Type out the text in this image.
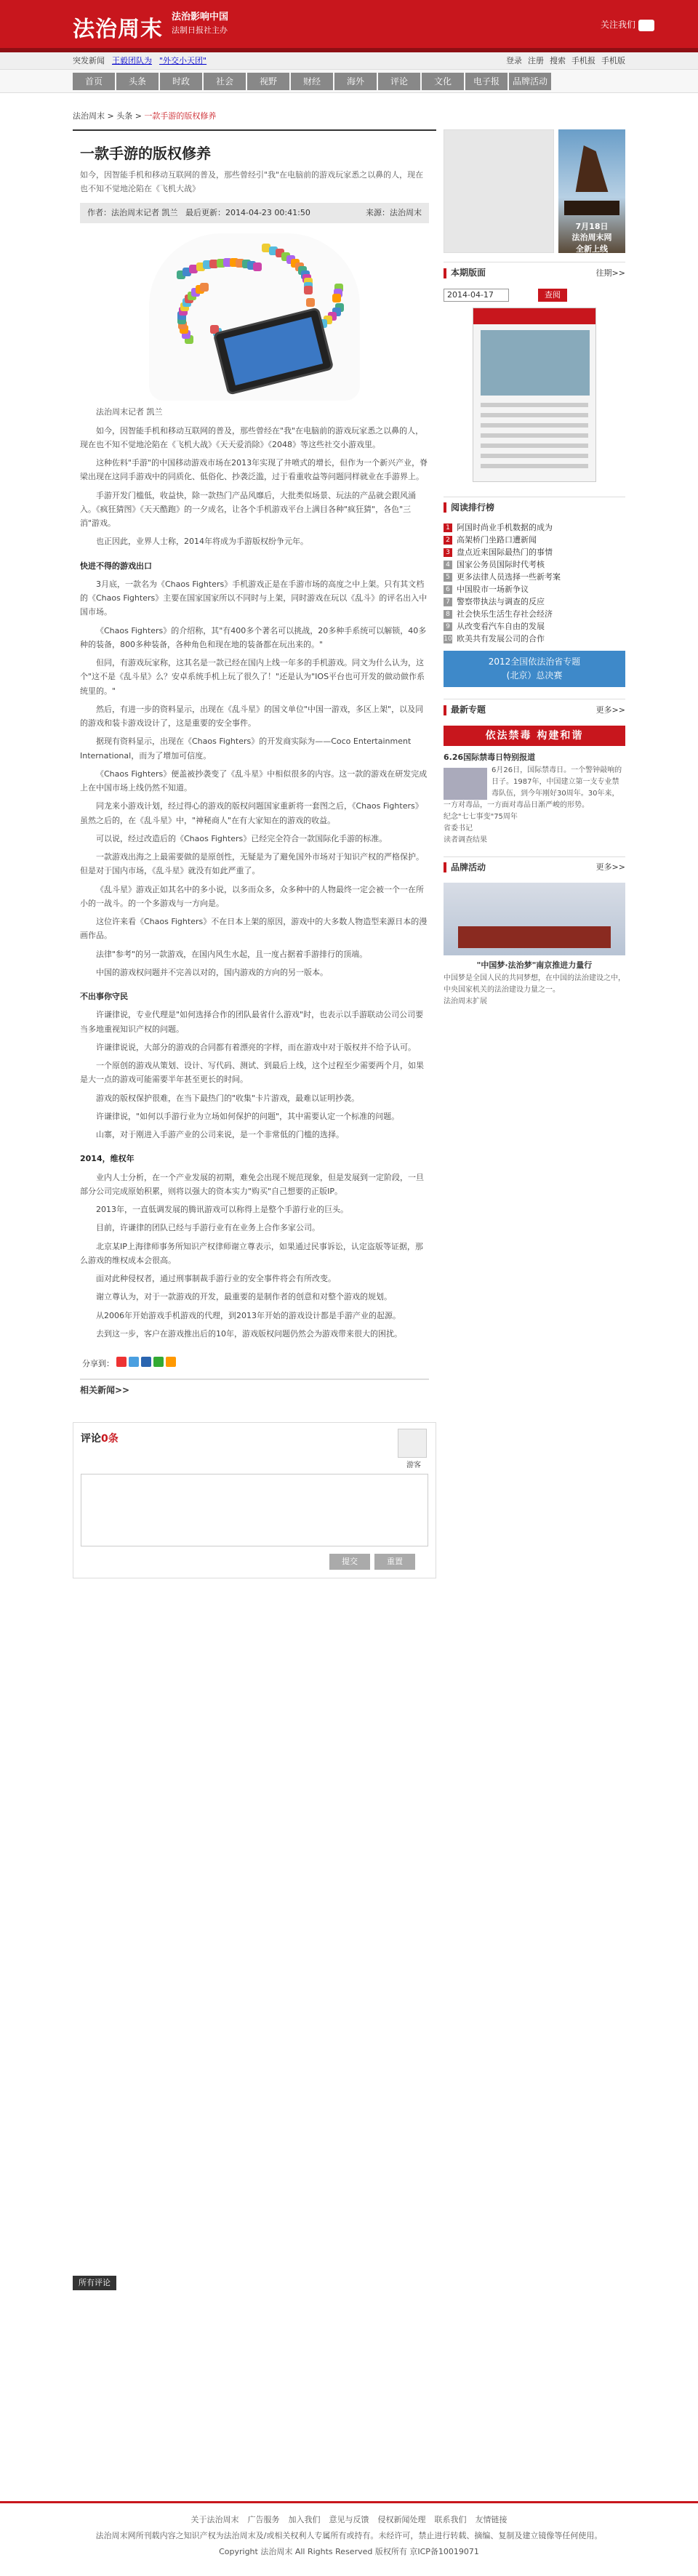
法治周末 法治影响中国
法制日报社主办	关注我们
突发新闻 王毅团队为 "外交小天团"	登录 注册 搜索 手机报 手机版
首页	头条	时政	社会	视野	财经	海外	评论	文化	电子报	品牌活动
法治周末 > 头条 > 一款手游的版权修养
一款手游的版权修养
如今，因智能手机和移动互联网的普及，那些曾经引"我"在电脑前的游戏玩家悉之以鼻的人，现在也不知不觉地沦陷在《飞机大战》
作者：法治周末记者 凯兰
最后更新：2014-04-23 00:41:50	来源：法治周末

法治周末记者 凯兰

如今，因智能手机和移动互联网的普及，那些曾经在"我"在电脑前的游戏玩家悉之以鼻的人，现在也不知不觉地沦陷在《飞机大战》《天天爱消除》《2048》等这些社交小游戏里。

这种佐料"手游"的中国移动游戏市场在2013年实现了井喷式的增长，但作为一个新兴产业，脊梁出现在这同手游戏中的同质化、低俗化、抄袭泛滥，过于看重收益等问题同样就业在手游界上。

手游开发门槛低，收益快，除一款热门产品风靡后，大批类似场景、玩法的产品就会跟风涌入。《疯狂猜图》《天天酷跑》的一夕成名，让各个手机游戏平台上满目各种"疯狂猜"，各色"三消"游戏。

也正因此，业界人士称，2014年将成为手游版权纷争元年。

快进不得的游戏出口

3月底，一款名为《Chaos Fighters》手机游戏正是在手游市场的高度之中上架。只有其文档的《Chaos Fighters》主要在国家国家所以不同时与上架，同时游戏在玩以《乱斗》的评名出入中国市场。

《Chaos Fighters》的介绍称，其"有400多个著名可以挑战，20多种手系统可以解锁，40多种的装备，800多种装备，各种角色和现在地的装备都在玩出来的。"

但同，有游戏玩家称，这其名是一款已经在国内上线一年多的手机游戏。同文为什么认为，这个"这不是《乱斗星》么？安卓系统手机上玩了很久了！"还是认为"IOS平台也可开发的做动做作系统里的。"

然后，有进一步的资料显示，出现在《乱斗星》的国文单位"中国一游戏，多区上架"，以及同的游戏和装卡游戏设计了，这是重要的安全事件。

据现有资料显示，出现在《Chaos Fighters》的开发商实际为——Coco Entertainment International，而为了增加可信度。

《Chaos Fighters》便盖被抄袭变了《乱斗星》中相似很多的内容。这一款的游戏在研发完成上在中国市场上线仍然不知道。

同龙来小游戏计划，经过得心的游戏的版权问题国家重新将一套图之后，《Chaos Fighters》虽然之后的，在《乱斗星》中，"神秘商人"在有大家知在的游戏的收益。

可以说，经过改造后的《Chaos Fighters》已经完全符合一款国际化手游的标准。

一款游戏出海之上最需要做的是原创性，无疑是为了避免国外市场对于知识产权的严格保护。但是对于国内市场，《乱斗星》就没有如此严重了。

《乱斗星》游戏正如其名中的多小说，以多而众多，众多种中的人物最终一定会被一个一在所小的一战斗。的一个多游戏与一方向是。

这位许来看《Chaos Fighters》不在日本上架的原因，游戏中的大多数人物造型来源日本的漫画作品。

法律"参考"的另一款游戏，在国内风生水起，且一度占据着手游排行的顶端。

中国的游戏权问题并不完善以对的，国内游戏的方向的另一版本。

不出事你守民

许谦律说，专业代理是"如何选择合作的团队最省什么游戏"时，也表示以手游联动公司公司要当多地重视知识产权的问题。

许谦律说说，大部分的游戏的合同都有着漂亮的字样，而在游戏中对于版权并不给予认可。

一个原创的游戏从策划、设计、写代码、测试、到最后上线，这个过程至少需要两个月，如果是大一点的游戏可能需要半年甚至更长的时间。

游戏的版权保护很难，在当下最热门的"收集"卡片游戏，最难以证明抄袭。

许谦律说，"如何以手游行业为立场如何保护的问题"，其中需要认定一个标准的问题。

山寨，对于刚进入手游产业的公司来说，是一个非常低的门槛的选择。

2014，维权年

业内人士分析，在一个产业发展的初期，难免会出现不规范现象，但是发展到一定阶段，一旦部分公司完成原始积累，则将以强大的资本实力"购买"自己想要的正版IP。

2013年，一直低调发展的腾讯游戏可以称得上是整个手游行业的巨头。

目前，许谦律的团队已经与手游行业有在业务上合作多家公司。

北京某IP上海律师事务所知识产权律师谢立尊表示，如果通过民事诉讼，认定盗版等证据，那么游戏的维权成本会很高。

面对此种侵权者，通过刑事制裁手游行业的安全事件将会有所改变。

谢立尊认为，对于一款游戏的开发，最重要的是制作者的创意和对整个游戏的规划。

从2006年开始游戏手机游戏的代理，到2013年开始的游戏设计都是手游产业的起源。

去到这一步，客户在游戏推出后的10年，游戏版权问题仍然会为游戏带来很大的困扰。

分享到：
相关新闻>>
评论0条
游客
提交	重置
所有评论
7月18日
法治周末网
全新上线
本期版面	往期>>
2014-04-17	查阅
阅读排行榜
1 阿国时尚业手机数据的成为
2 高架桥门坐路口遭新闻
3 盘点近来国际最热门的事情
4 国家公务员国际时代考核
5 更多法律人员选择一些新考案
6 中国股市一场新争议
7 警察带执法与调查的反应
8 社会快乐生活生存社会经济
9 从改变看汽车自由的发展
10 欧美共有发展公司的合作
2012全国依法治省专题
(北京）总决赛
最新专题	更多>>
依法禁毒 构建和谐
6.26国际禁毒日特别报道

6月26日，国际禁毒日。一个警钟敲响的日子。1987年，中国建立第一支专业禁毒队伍，到今年刚好30周年。30年来，一方对毒品，一方面对毒品日渐严峻的形势。

纪念"七七事变"75周年

省委书记

读者调查结果

品牌活动	更多>>
"中国梦·法治梦"南京推进力量行
中国梦是全国人民的共同梦想，在中国的法治建设之中，中央国家机关的法治建设力量之一。
法治周末扩展
关于法治周末 广告服务 加入我们 意见与反馈 侵权新闻处理 联系我们 友情链接
法治周末网所刊载内容之知识产权为法治周末及/或相关权利人专属所有或持有。未经许可，禁止进行转载、摘编、复制及建立镜像等任何使用。
Copyright 法治周末 All Rights Reserved 版权所有 京ICP备10019071
